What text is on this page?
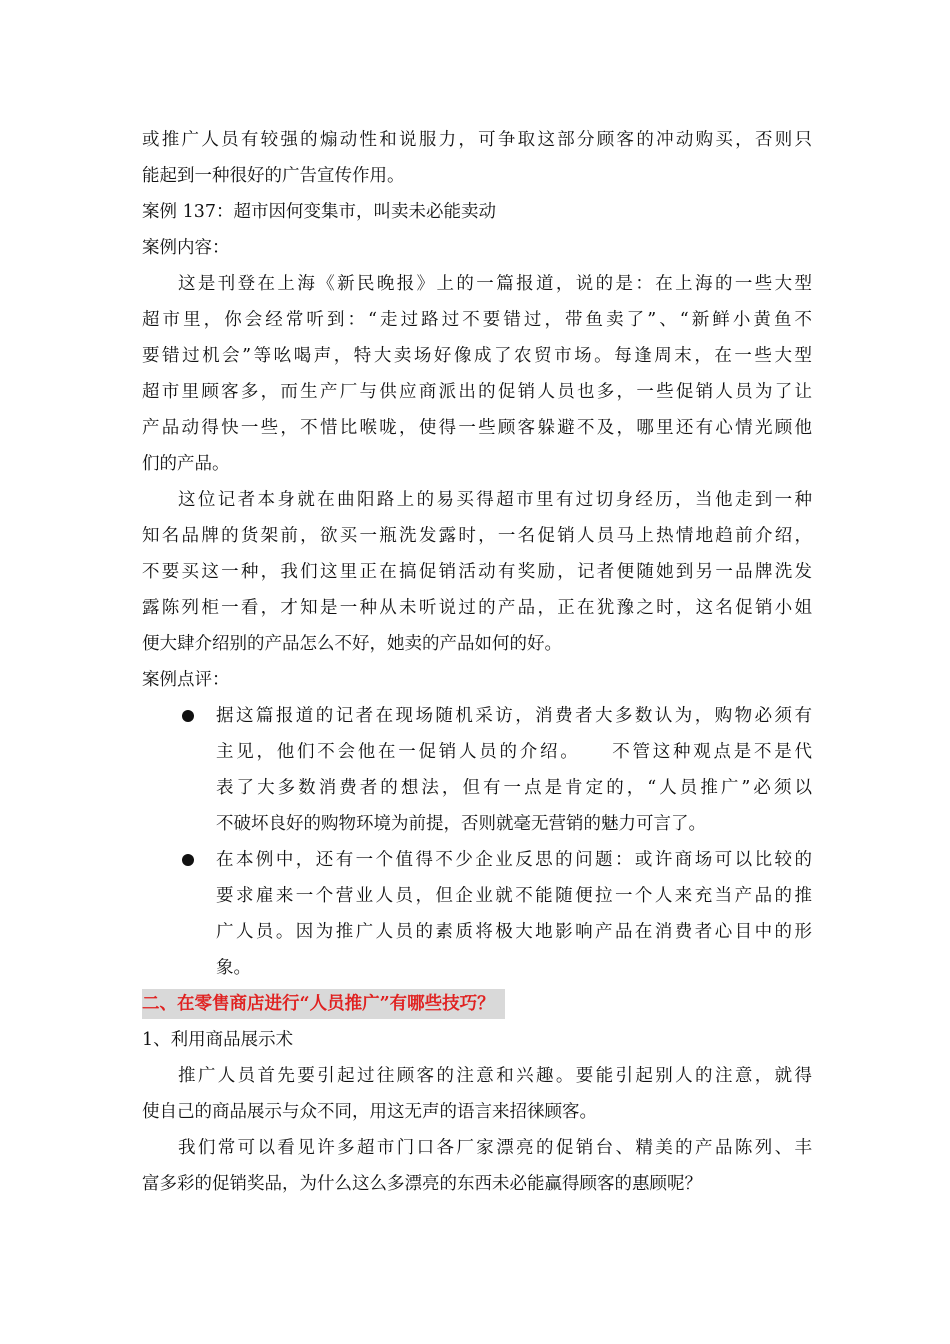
或推广人员有较强的煽动性和说服力，可争取这部分顾客的冲动购买，否则只
能起到一种很好的广告宣传作用。
案例 137：超市因何变集市，叫卖未必能卖动
案例内容：
这是刊登在上海《新民晚报》上的一篇报道，说的是：在上海的一些大型
超市里，你会经常听到：“走过路过不要错过，带鱼卖了”、“新鲜小黄鱼不
要错过机会”等吆喝声，特大卖场好像成了农贸市场。每逢周末，在一些大型
超市里顾客多，而生产厂与供应商派出的促销人员也多，一些促销人员为了让
产品动得快一些，不惜比喉咙，使得一些顾客躲避不及，哪里还有心情光顾他
们的产品。
这位记者本身就在曲阳路上的易买得超市里有过切身经历，当他走到一种
知名品牌的货架前，欲买一瓶洗发露时，一名促销人员马上热情地趋前介绍，
不要买这一种，我们这里正在搞促销活动有奖励，记者便随她到另一品牌洗发
露陈列柜一看，才知是一种从未听说过的产品，正在犹豫之时，这名促销小姐
便大肆介绍别的产品怎么不好，她卖的产品如何的好。
案例点评：
据这篇报道的记者在现场随机采访，消费者大多数认为，购物必须有
主见，他们不会他在一促销人员的介绍。　　不管这种观点是不是代
表了大多数消费者的想法，但有一点是肯定的，“人员推广”必须以
不破坏良好的购物环境为前提，否则就毫无营销的魅力可言了。
在本例中，还有一个值得不少企业反思的问题：或许商场可以比较的
要求雇来一个营业人员，但企业就不能随便拉一个人来充当产品的推
广人员。因为推广人员的素质将极大地影响产品在消费者心目中的形
象。
二、在零售商店进行“人员推广”有哪些技巧？
1、利用商品展示术
推广人员首先要引起过往顾客的注意和兴趣。要能引起别人的注意，就得
使自己的商品展示与众不同，用这无声的语言来招徕顾客。
我们常可以看见许多超市门口各厂家漂亮的促销台、精美的产品陈列、丰
富多彩的促销奖品，为什么这么多漂亮的东西未必能赢得顾客的惠顾呢？
